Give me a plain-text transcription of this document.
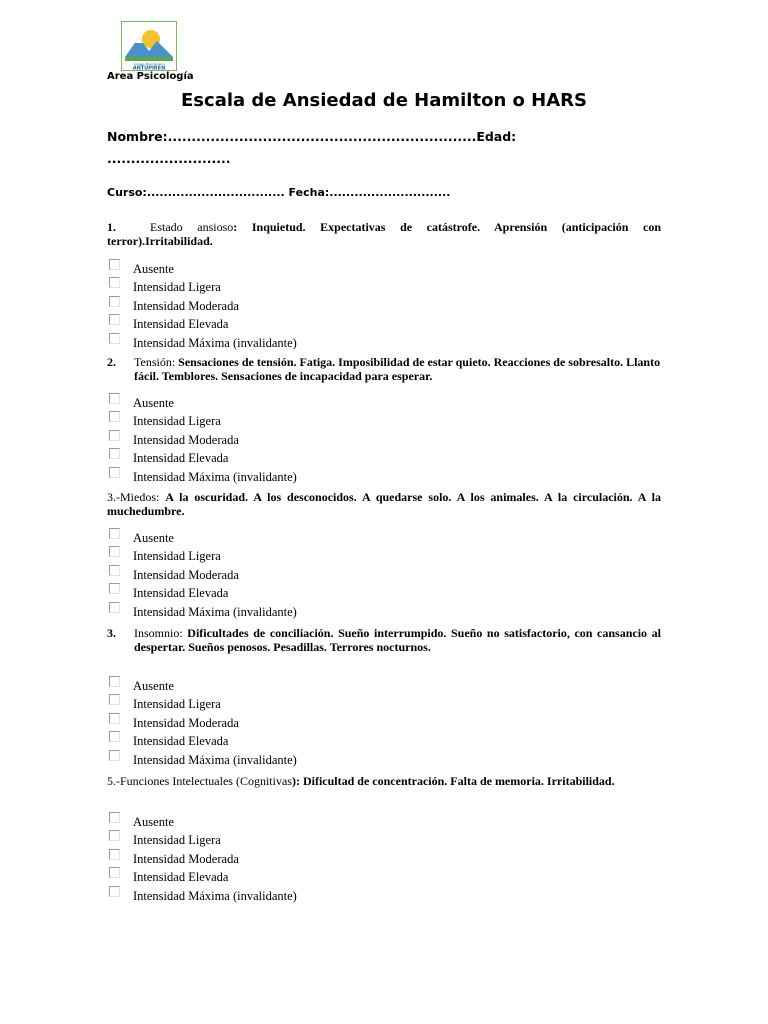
Colegio Bicentenario
ANTUPIREN
Area Psicología
Escala de Ansiedad de Hamilton o HARS
Nombre:.................................................................Edad:
..........................
Curso:................................. Fecha:.............................
1.	Estado ansioso: Inquietud. Expectativas de catástrofe. Aprensión (anticipación con terror).Irritabilidad.
Ausente
Intensidad Ligera
Intensidad Moderada
Intensidad Elevada
Intensidad Máxima (invalidante)
2. Tensión: Sensaciones de tensión. Fatiga. Imposibilidad de estar quieto. Reacciones de sobresalto. Llanto fácil. Temblores. Sensaciones de incapacidad para esperar.
Ausente
Intensidad Ligera
Intensidad Moderada
Intensidad Elevada
Intensidad Máxima (invalidante)
3.-Miedos: A la oscuridad. A los desconocidos. A quedarse solo. A los animales. A la circulación. A la muchedumbre.
Ausente
Intensidad Ligera
Intensidad Moderada
Intensidad Elevada
Intensidad Máxima (invalidante)
3. Insomnio: Dificultades de conciliación. Sueño interrumpido. Sueño no satisfactorio, con cansancio al despertar. Sueños penosos. Pesadillas. Terrores nocturnos.
Ausente
Intensidad Ligera
Intensidad Moderada
Intensidad Elevada
Intensidad Máxima (invalidante)
5.-Funciones Intelectuales (Cognitivas): Dificultad de concentración. Falta de memoria. Irritabilidad.
Ausente
Intensidad Ligera
Intensidad Moderada
Intensidad Elevada
Intensidad Máxima (invalidante)
